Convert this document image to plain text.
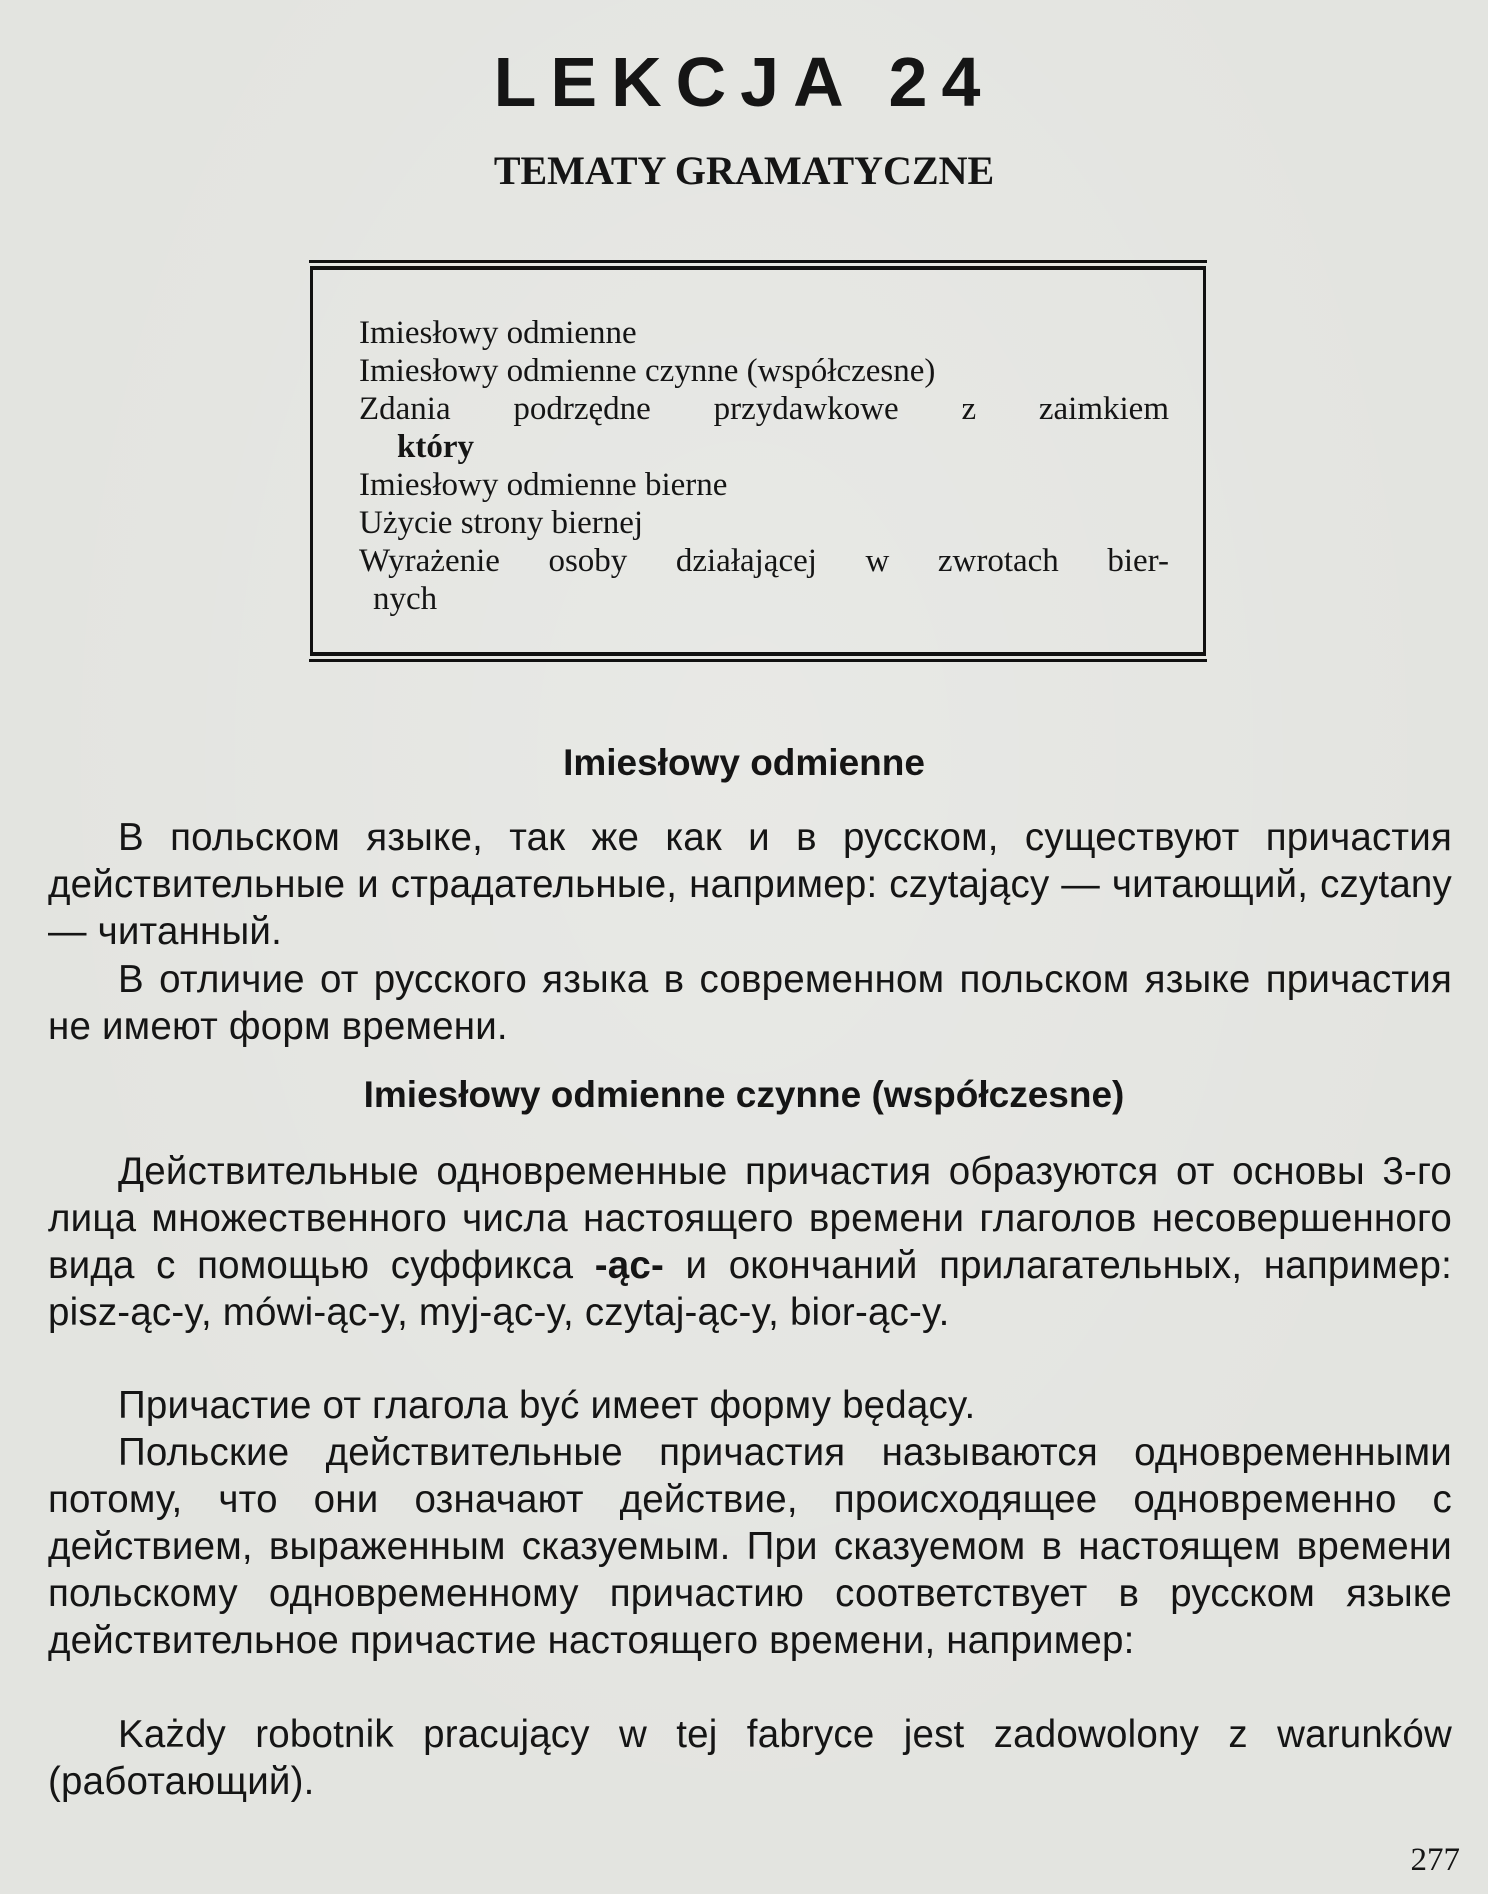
LEKCJA 24
TEMATY GRAMATYCZNE
Imiesłowy odmienne
Imiesłowy odmienne czynne (współczesne)
Zdania podrzędne przydawkowe z zaimkiem
który
Imiesłowy odmienne bierne
Użycie strony biernej
Wyrażenie osoby działającej w zwrotach bier-
nych
Imiesłowy odmienne

В польском языке, так же как и в русском, существуют причастия действительные и страдательные, например: czytający — читающий, czytany — читанный.

В отличие от русского языка в современном польском языке причастия не имеют форм времени.

Imiesłowy odmienne czynne (współczesne)

Действительные одновременные причастия образуются от основы 3-го лица множественного числа настоящего времени глаголов несовершенного вида с помощью суффикса -ąc- и окончаний прилагательных, например: pisz-ąc-y, mówi-ąc-y, myj-ąc-y, czytaj-ąc-y, bior-ąc-y.

Причастие от глагола być имеет форму będący.

Польские действительные причастия называются одновременными потому, что они означают действие, происходящее одновременно с действием, выраженным сказуемым. При сказуемом в настоящем времени польскому одновременному причастию соответствует в русском языке действительное причастие настоящего времени, например:

Każdy robotnik pracujący w tej fabryce jest zadowolony z warunków (работающий).

277
